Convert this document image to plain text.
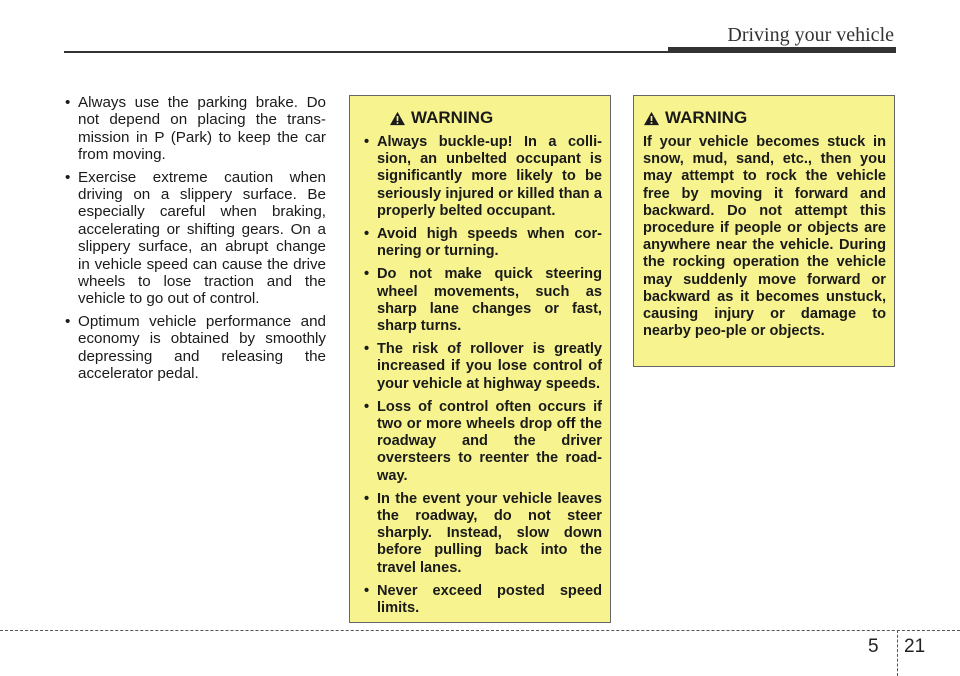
Driving your vehicle
• Always use the parking brake. Do not depend on placing the trans-mission in P (Park) to keep the car from moving.
• Exercise extreme caution when driving on a slippery surface. Be especially careful when braking, accelerating or shifting gears. On a slippery surface, an abrupt change in vehicle speed can cause the drive wheels to lose traction and the vehicle to go out of control.
• Optimum vehicle performance and economy is obtained by smoothly depressing and releasing the accelerator pedal.
WARNING
• Always buckle-up! In a colli-sion, an unbelted occupant is significantly more likely to be seriously injured or killed than a properly belted occupant.
• Avoid high speeds when cor-nering or turning.
• Do not make quick steering wheel movements, such as sharp lane changes or fast, sharp turns.
• The risk of rollover is greatly increased if you lose control of your vehicle at highway speeds.
• Loss of control often occurs if two or more wheels drop off the roadway and the driver oversteers to reenter the road-way.
• In the event your vehicle leaves the roadway, do not steer sharply. Instead, slow down before pulling back into the travel lanes.
• Never exceed posted speed limits.
WARNING

If your vehicle becomes stuck in snow, mud, sand, etc., then you may attempt to rock the vehicle free by moving it forward and backward. Do not attempt this procedure if people or objects are anywhere near the vehicle. During the rocking operation the vehicle may suddenly move forward or backward as it becomes unstuck, causing injury or damage to nearby peo-ple or objects.

5 21
